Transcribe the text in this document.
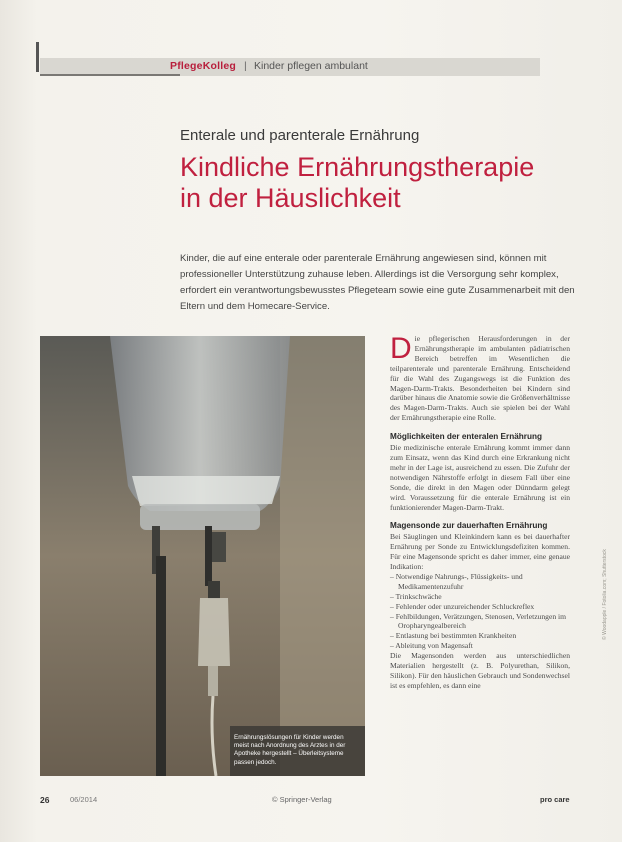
PflegeKolleg | Kinder pflegen ambulant
Enterale und parenterale Ernährung
Kindliche Ernährungstherapie
in der Häuslichkeit
Kinder, die auf eine enterale oder parenterale Ernährung angewiesen sind, können mit professioneller Unterstützung zuhause leben. Allerdings ist die Versorgung sehr komplex, erfordert ein verantwortungsbewusstes Pflegeteam sowie eine gute Zusammenarbeit mit den Eltern und dem Homecare-Service.
Ernährungslösungen für Kinder werden meist nach Anordnung des Arztes in der Apotheke hergestellt – Überleitsysteme passen jedoch.

Die pflegerischen Herausforderungen in der Ernährungstherapie im ambulanten pädiatrischen Bereich betreffen im Wesentlichen die teilparenterale und parenterale Ernährung. Entscheidend für die Wahl des Zugangswegs ist die Funktion des Magen-Darm-Trakts. Besonderheiten bei Kindern sind darüber hinaus die Anatomie sowie die Größenverhältnisse des Magen-Darm-Trakts. Auch sie spielen bei der Wahl der Ernährungstherapie eine Rolle.

Möglichkeiten der enteralen Ernährung

Die medizinische enterale Ernährung kommt immer dann zum Einsatz, wenn das Kind durch eine Erkrankung nicht mehr in der Lage ist, ausreichend zu essen. Die Zufuhr der notwendigen Nährstoffe erfolgt in diesem Fall über eine Sonde, die direkt in den Magen oder Dünndarm gelegt wird. Voraussetzung für die enterale Ernährung ist ein funktionierender Magen-Darm-Trakt.

Magensonde zur dauerhaften Ernährung

Bei Säuglingen und Kleinkindern kann es bei dauerhafter Ernährung per Sonde zu Entwicklungsdefiziten kommen. Für eine Magensonde spricht es daher immer, eine genaue Indikation:

– Notwendige Nahrungs-, Flüssigkeits- und Medikamentenzufuhr
– Trinkschwäche
– Fehlender oder unzureichender Schluckreflex
– Fehlbildungen, Verätzungen, Stenosen, Verletzungen im Oropharyngealbereich
– Entlastung bei bestimmten Krankheiten
– Ableitung von Magensaft

Die Magensonden werden aus unterschiedlichen Materialien hergestellt (z. B. Polyurethan, Silikon, Silikon). Für den häuslichen Gebrauch und Sondenwechsel ist es empfehlen, es dann eine

© Woodapple / Fotolia.com; Shutterstock
26	06/2014	© Springer-Verlag	pro care
